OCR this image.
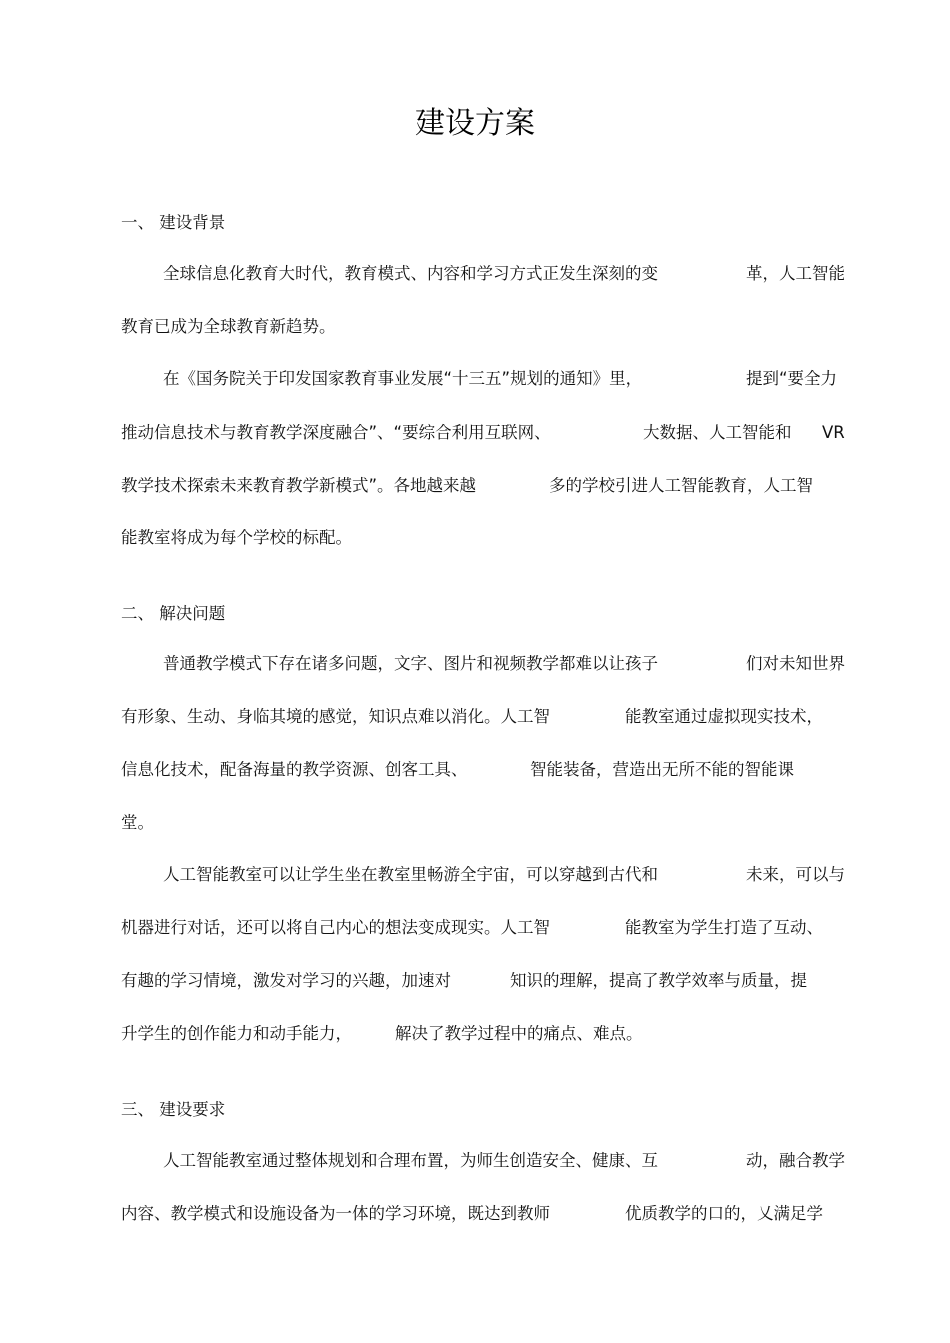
建设方案
一、 建设背景
全球信息化教育大时代，教育模式、内容和学习方式正发生深刻的变	革，人工智能
教育已成为全球教育新趋势。
在《国务院关于印发国家教育事业发展“十三五”规划的通知》里，	提到“要全力
推动信息技术与教育教学深度融合”、“要综合利用互联网、	大数据、人工智能和 VR
教学技术探索未来教育教学新模式”。各地越来越	多的学校引进人工智能教育，人工智
能教室将成为每个学校的标配。
二、 解决问题
普通教学模式下存在诸多问题，文字、图片和视频教学都难以让孩子	们对未知世界
有形象、生动、身临其境的感觉，知识点难以消化。人工智	能教室通过虚拟现实技术，
信息化技术，配备海量的教学资源、创客工具、	智能装备，营造出无所不能的智能课
堂。
人工智能教室可以让学生坐在教室里畅游全宇宙，可以穿越到古代和	未来，可以与
机器进行对话，还可以将自己内心的想法变成现实。人工智	能教室为学生打造了互动、
有趣的学习情境，激发对学习的兴趣，加速对	知识的理解，提高了教学效率与质量，提
升学生的创作能力和动手能力，	解决了教学过程中的痛点、难点。
三、 建设要求
人工智能教室通过整体规划和合理布置，为师生创造安全、健康、互	动，融合教学
内容、教学模式和设施设备为一体的学习环境，既达到教师	优质教学的口的，乂满足学
